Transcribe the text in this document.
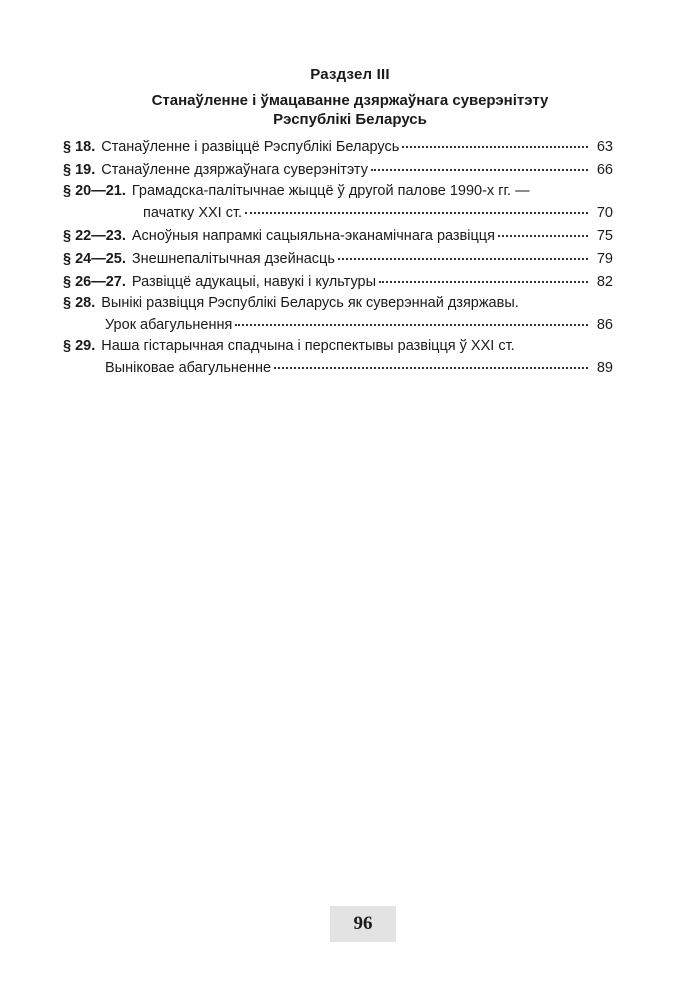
Раздзел III
Станаўленне і ўмацаванне дзяржаўнага суверэнітэту
Рэспублікі Беларусь
§ 18. Станаўленне і развіццё Рэспублікі Беларусь	63
§ 19. Станаўленне дзяржаўнага суверэнітэту	66
§ 20—21. Грамадска-палітычнае жыццё ў другой палове 1990-х гг. —
пачатку XXI ст.	70
§ 22—23. Асноўныя напрамкі сацыяльна-эканамічнага развіцця	75
§ 24—25. Знешнепалітычная дзейнасць	79
§ 26—27. Развіццё адукацыі, навукі і культуры	82
§ 28. Вынікі развіцця Рэспублікі Беларусь як суверэннай дзяржавы.
Урок абагульнення	86
§ 29. Наша гістарычная спадчына і перспектывы развіцця ў XXI ст.
Выніковае абагульненне	89
96
